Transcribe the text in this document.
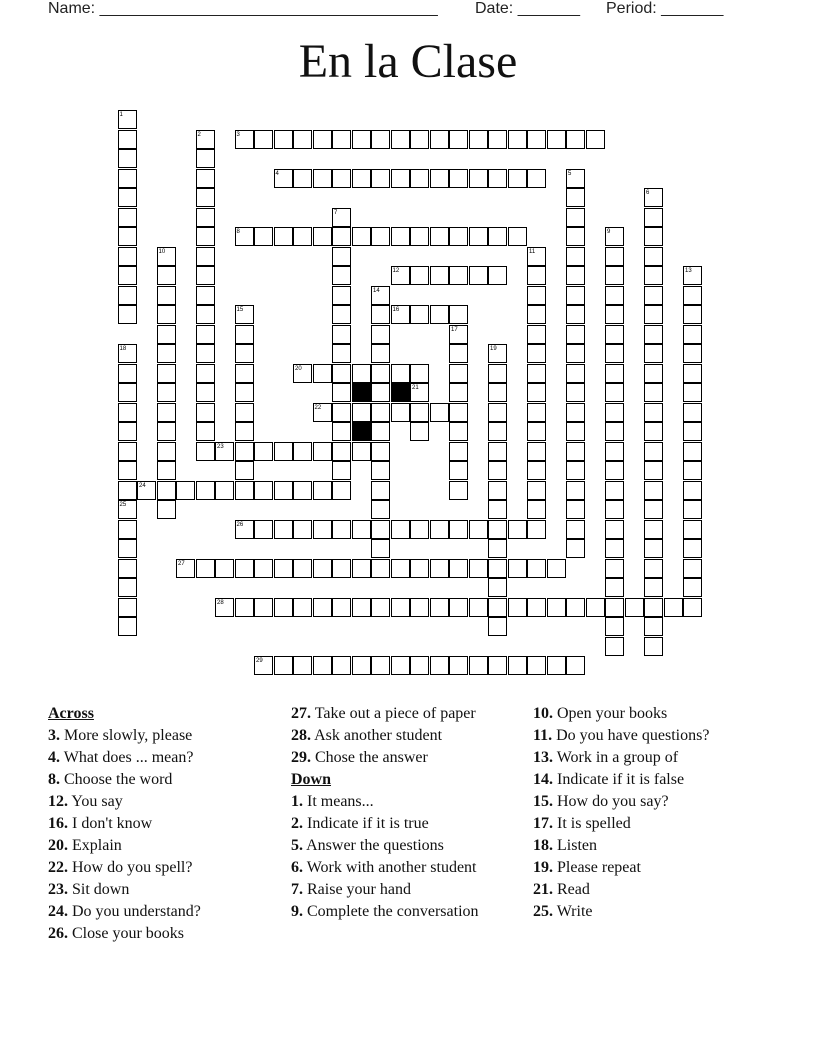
Name: ______________________________________ Date: _______ Period: _______
En la Clase
3
4
8
12
16
20
22
23
24
26
27
28
29
1
2
5
6
7
9
10	11
13
14
15
17
18	19
21
25
Across
3. More slowly, please
4. What does ... mean?
8. Choose the word
12. You say
16. I don't know
20. Explain
22. How do you spell?
23. Sit down
24. Do you understand?
26. Close your books
27. Take out a piece of paper
28. Ask another student
29. Chose the answer
Down
1. It means...
2. Indicate if it is true
5. Answer the questions
6. Work with another student
7. Raise your hand
9. Complete the conversation
10. Open your books
11. Do you have questions?
13. Work in a group of
14. Indicate if it is false
15. How do you say?
17. It is spelled
18. Listen
19. Please repeat
21. Read
25. Write
